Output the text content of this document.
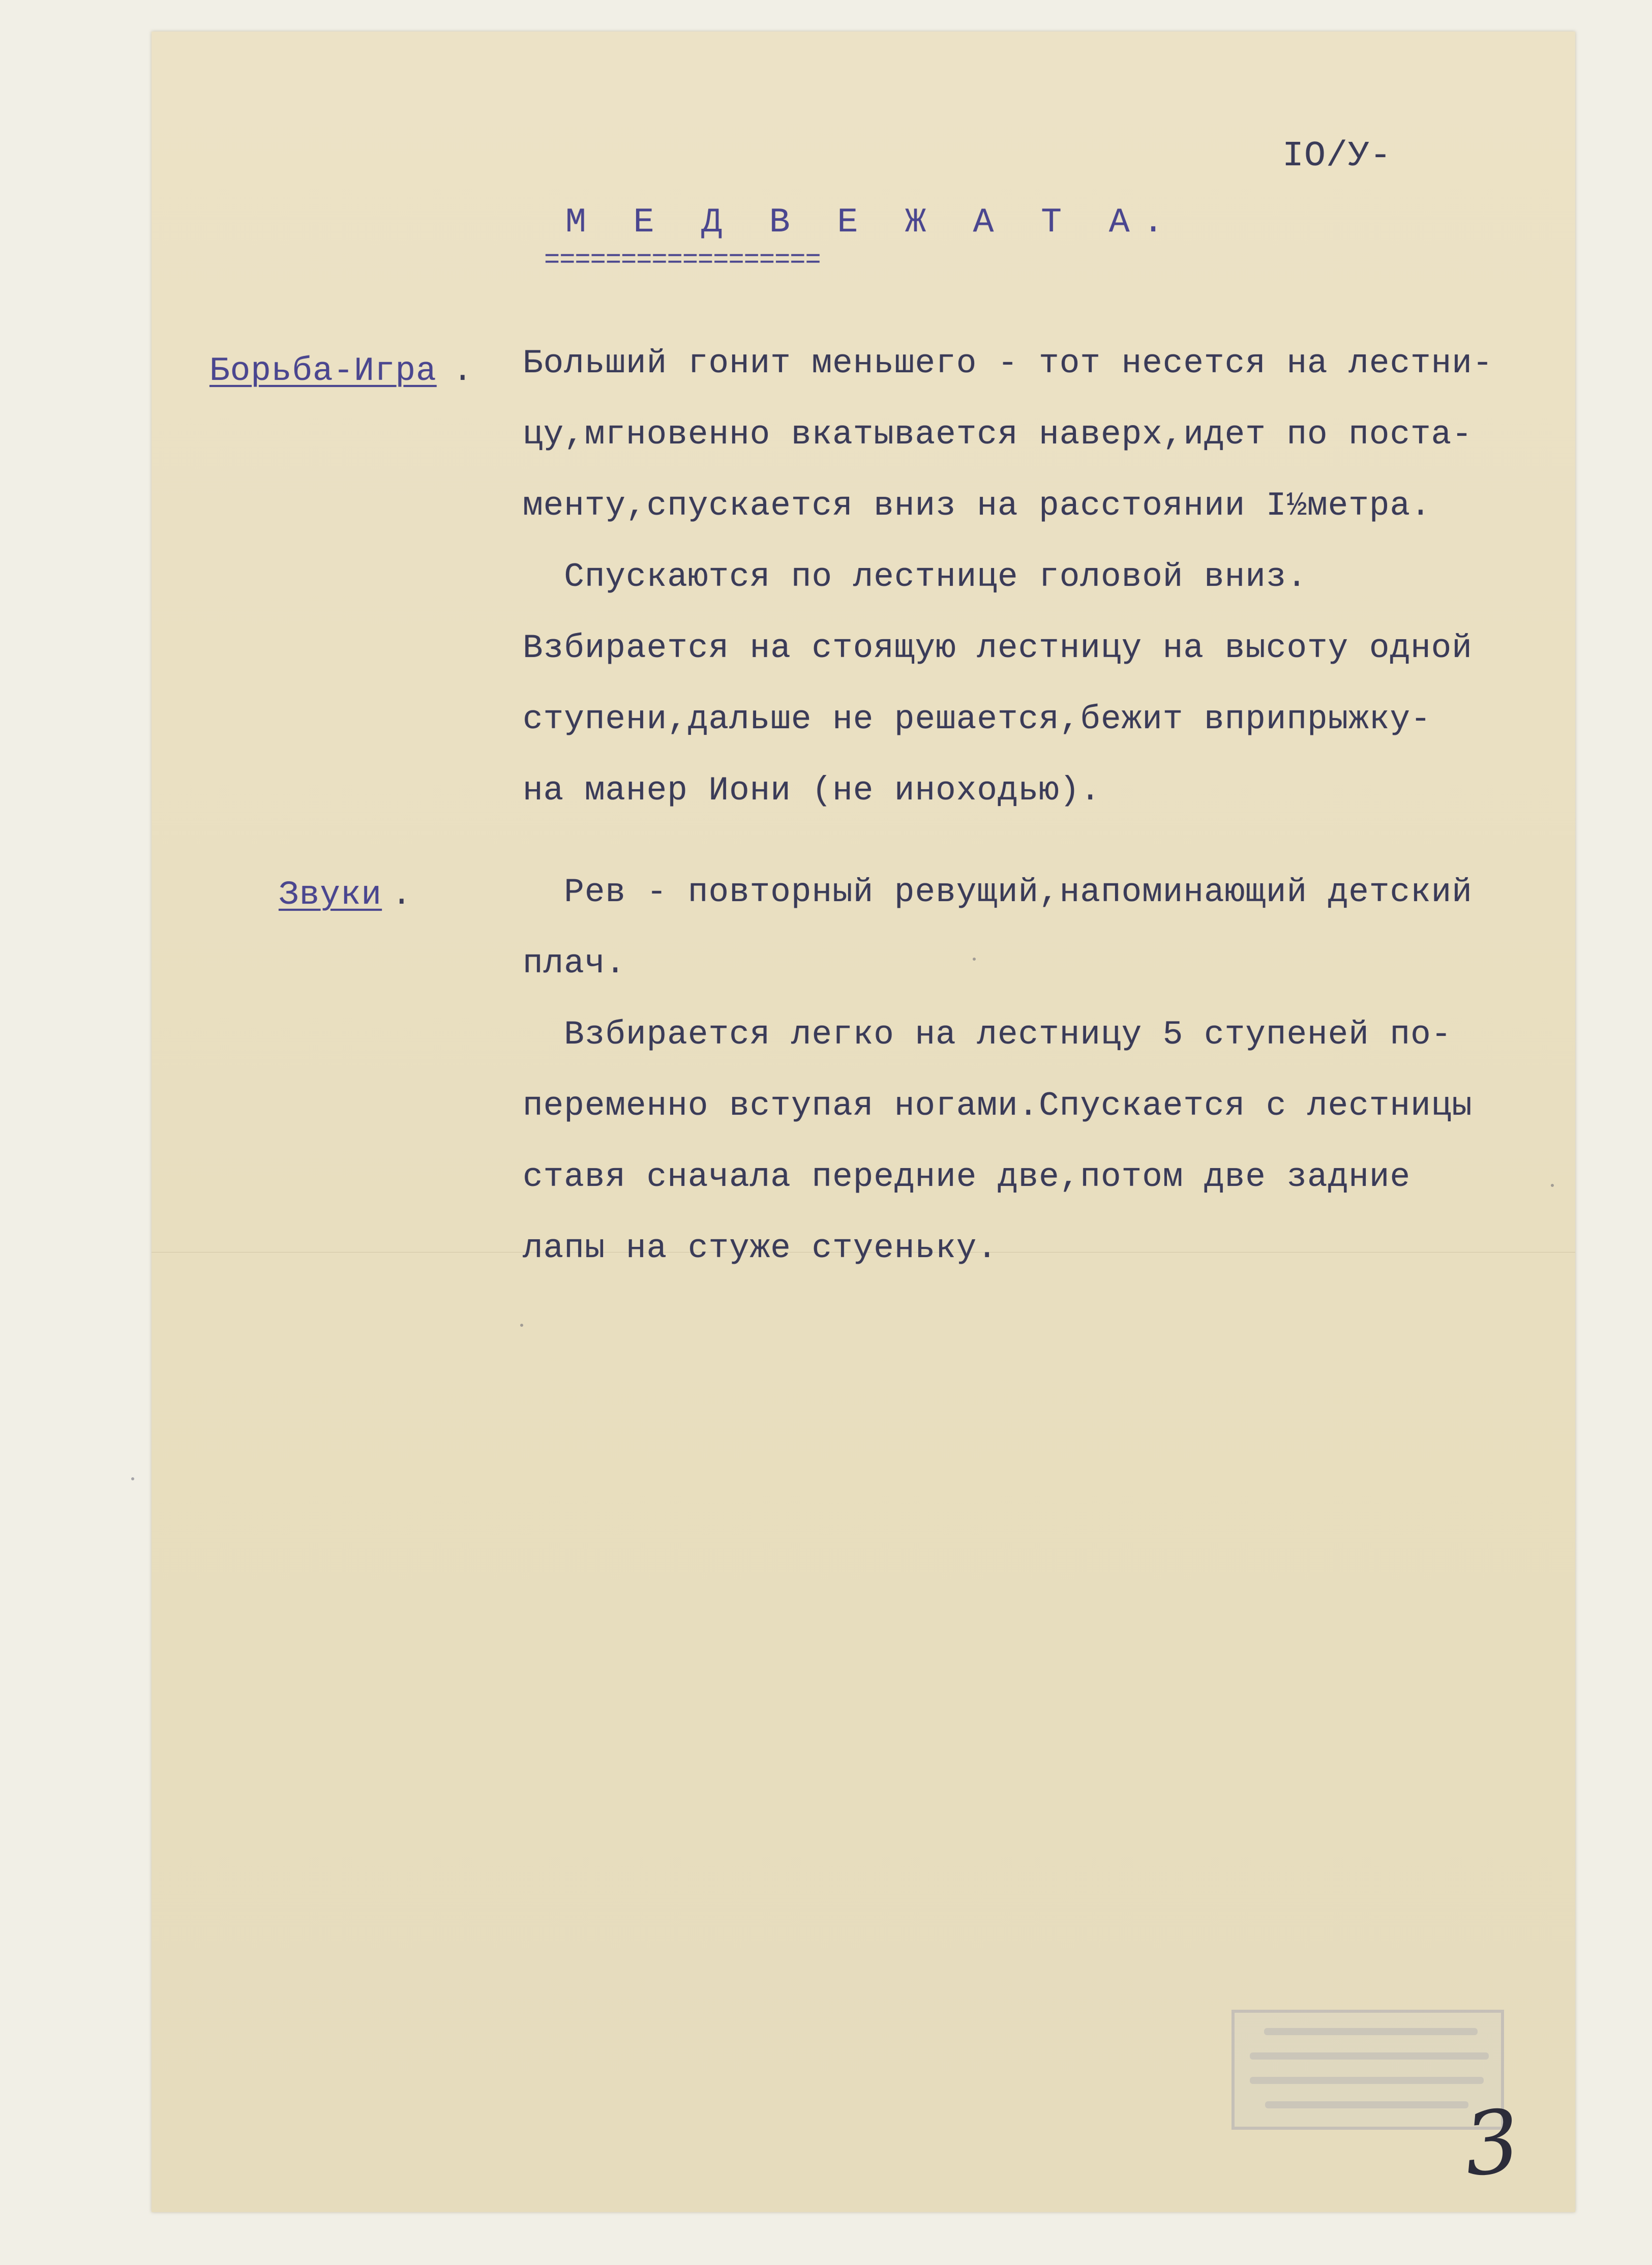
IO/У-
М Е Д В Е Ж А Т А.
==================
Борьба-Игра . Больший гонит меньшего - тот несется на лестни-
цу,мгновенно вкатывается наверх,идет по поста-
менту,спускается вниз на расстоянии I½метра.
Спускаются по лестнице головой вниз.
Взбирается на стоящую лестницу на высоту одной
ступени,дальше не решается,бежит вприпрыжку-
на манер Иони (не иноходью).
Звуки .	Рев - повторный ревущий,напоминающий детский
плач.
Взбирается легко на лестницу 5 ступеней по-
переменно вступая ногами.Спускается с лестницы
ставя сначала передние две,потом две задние
лапы на стуже стуеньку.
3
